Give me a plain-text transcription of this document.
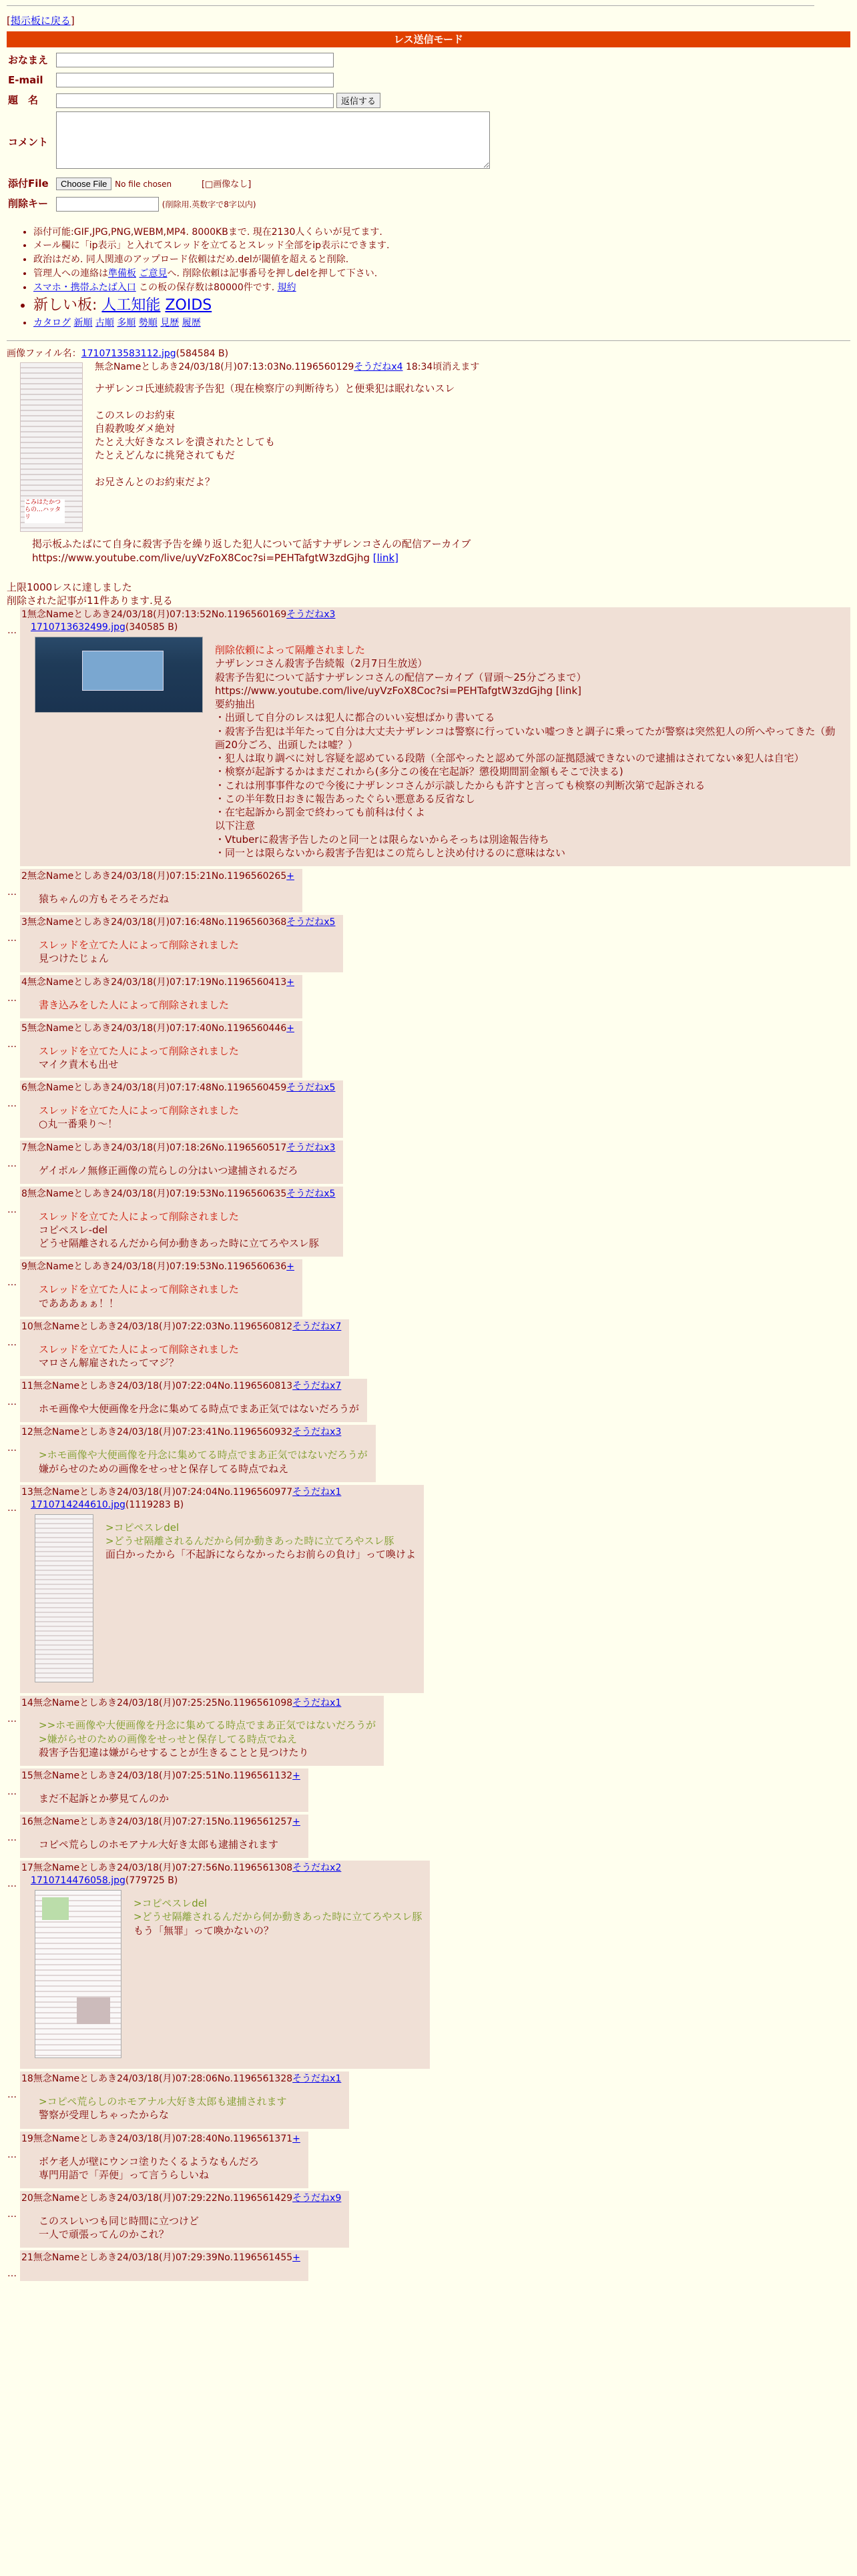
[掲示板に戻る]
レス送信モード
おなまえ	
E-mail	
題　名	返信する
コメント	
添付File	Choose File No file chosen [□画像なし]
削除キー	(削除用.英数字で8字以内)
• 添付可能:GIF,JPG,PNG,WEBM,MP4. 8000KBまで. 現在2130人くらいが見てます.
• メール欄に「ip表示」と入れてスレッドを立てるとスレッド全部をip表示にできます.
• 政治はだめ. 同人関連のアップロード依頼はだめ.delが閾値を超えると削除.
• 管理人への連絡は準備板 ご意見へ. 削除依頼は記事番号を押しdelを押して下さい.
• スマホ・携帯ふたば入口 この板の保存数は80000件です. 規約
• 新しい板: 人工知能 ZOIDS
• カタログ 新順 古順 多順 勢順 見歴 履歴
画像ファイル名：1710713583112.jpg(584584 B)
こみはたかつらの…ハッタリ
無念Nameとしあき24/03/18(月)07:13:03No.1196560129そうだねx4 18:34頃消えます
ナザレンコ氏連続殺害予告犯（現在検察庁の判断待ち）と便乗犯は眠れないスレ
このスレのお約束
自殺教唆ダメ絶対
たとえ大好きなスレを潰されたとしても
たとえどんなに挑発されてもだ
お兄さんとのお約束だよ？
掲示板ふたばにて自身に殺害予告を繰り返した犯人について話すナザレンコさんの配信アーカイブ
https://www.youtube.com/live/uyVzFoX8Coc?si=PEHTafgtW3zdGjhg [link]
上限1000レスに達しました
削除された記事が11件あります.見る
…	
1無念Nameとしあき24/03/18(月)07:13:52No.1196560169そうだねx3
1710713632499.jpg(340585 B)
削除依頼によって隔離されました
ナザレンコさん殺害予告続報（2月7日生放送）
殺害予告犯について話すナザレンコさんの配信アーカイブ（冒頭〜25分ごろまで）
https://www.youtube.com/live/uyVzFoX8Coc?si=PEHTafgtW3zdGjhg [link]
要約抽出
・出頭して自分のレスは犯人に都合のいい妄想ばかり書いてる
・殺害予告犯は半年たって自分は大丈夫ナザレンコは警察に行っていない嘘つきと調子に乗ってたが警察は突然犯人の所へやってきた（動画20分ごろ、出頭したは嘘？）
・犯人は取り調べに対し容疑を認めている段階（全部やったと認めて外部の証拠隠滅できないので逮捕はされてない※犯人は自宅）
・検察が起訴するかはまだこれから(多分この後在宅起訴？懲役期間罰金額もそこで決まる)
・これは刑事事件なので今後にナザレンコさんが示談したからも許すと言っても検察の判断次第で起訴される
・この半年数日おきに報告あったぐらい悪意ある反省なし
・在宅起訴から罰金で終わっても前科は付くよ
以下注意
・Vtuberに殺害予告したのと同一とは限らないからそっちは別途報告待ち
・同一とは限らないから殺害予告犯はこの荒らしと決め付けるのに意味はない
…	
2無念Nameとしあき24/03/18(月)07:15:21No.1196560265+
猿ちゃんの方もそろそろだね
…	
3無念Nameとしあき24/03/18(月)07:16:48No.1196560368そうだねx5
スレッドを立てた人によって削除されました
見つけたじょん
…	
4無念Nameとしあき24/03/18(月)07:17:19No.1196560413+
書き込みをした人によって削除されました
…	
5無念Nameとしあき24/03/18(月)07:17:40No.1196560446+
スレッドを立てた人によって削除されました
マイク責木も出せ
…	
6無念Nameとしあき24/03/18(月)07:17:48No.1196560459そうだねx5
スレッドを立てた人によって削除されました
○丸一番乗り〜！
…	
7無念Nameとしあき24/03/18(月)07:18:26No.1196560517そうだねx3
ゲイポルノ無修正画像の荒らしの分はいつ逮捕されるだろ
…	
8無念Nameとしあき24/03/18(月)07:19:53No.1196560635そうだねx5
スレッドを立てた人によって削除されました
コピペスレ-del
どうせ隔離されるんだから何か動きあった時に立てろやスレ豚
…	
9無念Nameとしあき24/03/18(月)07:19:53No.1196560636+
スレッドを立てた人によって削除されました
であああぁぁ！！
…	
10無念Nameとしあき24/03/18(月)07:22:03No.1196560812そうだねx7
スレッドを立てた人によって削除されました
マロさん解雇されたってマジ？
…	
11無念Nameとしあき24/03/18(月)07:22:04No.1196560813そうだねx7
ホモ画像や大便画像を丹念に集めてる時点でまあ正気ではないだろうが
…	
12無念Nameとしあき24/03/18(月)07:23:41No.1196560932そうだねx3
>ホモ画像や大便画像を丹念に集めてる時点でまあ正気ではないだろうが
嫌がらせのための画像をせっせと保存してる時点でねえ
…	
13無念Nameとしあき24/03/18(月)07:24:04No.1196560977そうだねx1
1710714244610.jpg(1119283 B)
>コピペスレdel
>どうせ隔離されるんだから何か動きあった時に立てろやスレ豚
面白かったから「不起訴にならなかったらお前らの負け」って喚けよ
…	
14無念Nameとしあき24/03/18(月)07:25:25No.1196561098そうだねx1
>>ホモ画像や大便画像を丹念に集めてる時点でまあ正気ではないだろうが
>嫌がらせのための画像をせっせと保存してる時点でねえ
殺害予告犯違は嫌がらせすることが生きることと見つけたり
…	
15無念Nameとしあき24/03/18(月)07:25:51No.1196561132+
まだ不起訴とか夢見てんのか
…	
16無念Nameとしあき24/03/18(月)07:27:15No.1196561257+
コピペ荒らしのホモアナル大好き太郎も逮捕されます
…	
17無念Nameとしあき24/03/18(月)07:27:56No.1196561308そうだねx2
1710714476058.jpg(779725 B)
>コピペスレdel
>どうせ隔離されるんだから何か動きあった時に立てろやスレ豚
もう「無罪」って喚かないの？
…	
18無念Nameとしあき24/03/18(月)07:28:06No.1196561328そうだねx1
>コピペ荒らしのホモアナル大好き太郎も逮捕されます
警察が受理しちゃったからな
…	
19無念Nameとしあき24/03/18(月)07:28:40No.1196561371+
ボケ老人が壁にウンコ塗りたくるようなもんだろ
専門用語で「弄便」って言うらしいね
…	
20無念Nameとしあき24/03/18(月)07:29:22No.1196561429そうだねx9
このスレいつも同じ時間に立つけど
一人で頑張ってんのかこれ？
…	
21無念Nameとしあき24/03/18(月)07:29:39No.1196561455+
